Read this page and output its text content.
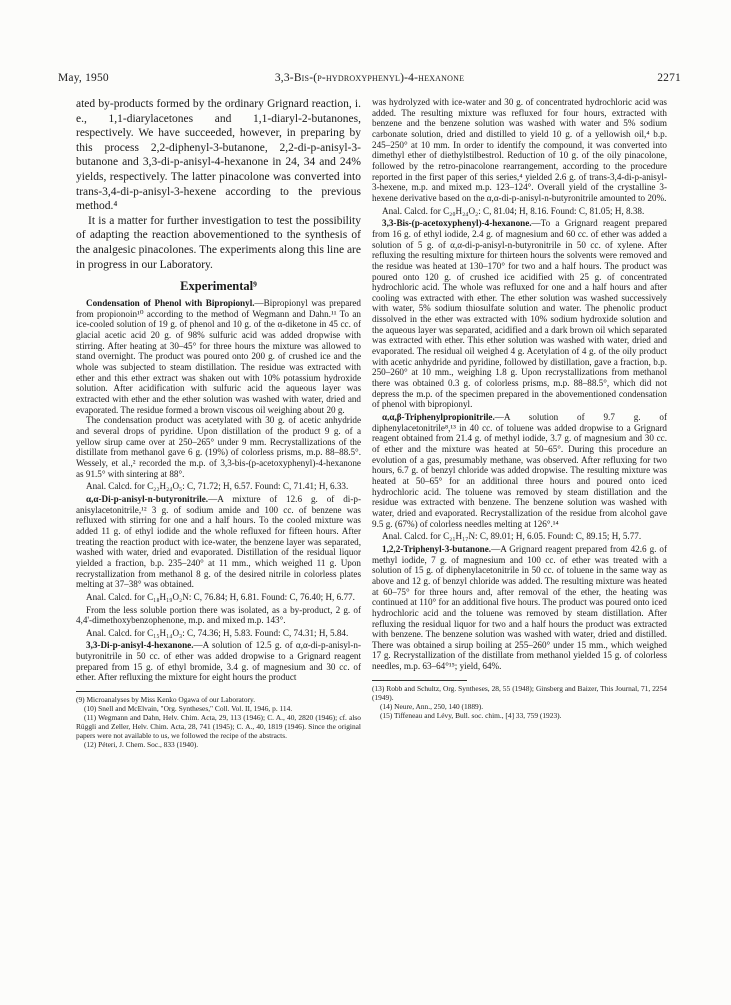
May, 1950	3,3-Bis-(p-hydroxyphenyl)-4-hexanone	2271

ated by-products formed by the ordinary Grignard reaction, i. e., 1,1-diarylacetones and 1,1-diaryl-2-butanones, respectively. We have succeeded, however, in preparing by this process 2,2-diphenyl-3-butanone, 2,2-di-p-anisyl-3-butanone and 3,3-di-p-anisyl-4-hexanone in 24, 34 and 24% yields, respectively. The latter pinacolone was converted into trans-3,4-di-p-anisyl-3-hexene according to the previous method.⁴

It is a matter for further investigation to test the possibility of adapting the reaction abovementioned to the synthesis of the analgesic pinacolones. The experiments along this line are in progress in our Laboratory.

Experimental⁹

Condensation of Phenol with Bipropionyl.—Bipropionyl was prepared from propionoin¹⁰ according to the method of Wegmann and Dahn.¹¹ To an ice-cooled solution of 19 g. of phenol and 10 g. of the α-diketone in 45 cc. of glacial acetic acid 20 g. of 98% sulfuric acid was added dropwise with stirring. After heating at 30–45° for three hours the mixture was allowed to stand overnight. The product was poured onto 200 g. of crushed ice and the whole was subjected to steam distillation. The residue was extracted with ether and this ether extract was shaken out with 10% potassium hydroxide solution. After acidification with sulfuric acid the aqueous layer was extracted with ether and the ether solution was washed with water, dried and evaporated. The residue formed a brown viscous oil weighing about 20 g.

The condensation product was acetylated with 30 g. of acetic anhydride and several drops of pyridine. Upon distillation of the product 9 g. of a yellow sirup came over at 250–265° under 9 mm. Recrystallizations of the distillate from methanol gave 6 g. (19%) of colorless prisms, m.p. 88–88.5°. Wessely, et al.,² recorded the m.p. of 3,3-bis-(p-acetoxyphenyl)-4-hexanone as 91.5° with sintering at 88°.

Anal. Calcd. for C₂₂H₂₄O₅: C, 71.72; H, 6.57. Found: C, 71.41; H, 6.33.

α,α-Di-p-anisyl-n-butyronitrile.—A mixture of 12.6 g. of di-p-anisylacetonitrile,¹² 3 g. of sodium amide and 100 cc. of benzene was refluxed with stirring for one and a half hours. To the cooled mixture was added 11 g. of ethyl iodide and the whole refluxed for fifteen hours. After treating the reaction product with ice-water, the benzene layer was separated, washed with water, dried and evaporated. Distillation of the residual liquor yielded a fraction, b.p. 235–240° at 11 mm., which weighed 11 g. Upon recrystallization from methanol 8 g. of the desired nitrile in colorless plates melting at 37–38° was obtained.

Anal. Calcd. for C₁₈H₁₉O₂N: C, 76.84; H, 6.81. Found: C, 76.40; H, 6.77.

From the less soluble portion there was isolated, as a by-product, 2 g. of 4,4'-dimethoxybenzophenone, m.p. and mixed m.p. 143°.

Anal. Calcd. for C₁₅H₁₄O₃: C, 74.36; H, 5.83. Found: C, 74.31; H, 5.84.

3,3-Di-p-anisyl-4-hexanone.—A solution of 12.5 g. of α,α-di-p-anisyl-n-butyronitrile in 50 cc. of ether was added dropwise to a Grignard reagent prepared from 15 g. of ethyl bromide, 3.4 g. of magnesium and 30 cc. of ether. After refluxing the mixture for eight hours the product

(9) Microanalyses by Miss Kenko Ogawa of our Laboratory.

(10) Snell and McElvain, "Org. Syntheses," Coll. Vol. II, 1946, p. 114.

(11) Wegmann and Dahn, Helv. Chim. Acta, 29, 113 (1946); C. A., 40, 2820 (1946); cf. also Rüggli and Zeller, Helv. Chim. Acta, 28, 741 (1945); C. A., 40, 1819 (1946). Since the original papers were not available to us, we followed the recipe of the abstracts.

(12) Péteri, J. Chem. Soc., 833 (1940).

was hydrolyzed with ice-water and 30 g. of concentrated hydrochloric acid was added. The resulting mixture was refluxed for four hours, extracted with benzene and the benzene solution was washed with water and 5% sodium carbonate solution, dried and distilled to yield 10 g. of a yellowish oil,⁴ b.p. 245–250° at 10 mm. In order to identify the compound, it was converted into dimethyl ether of diethylstilbestrol. Reduction of 10 g. of the oily pinacolone, followed by the retro-pinacolone rearrangement, according to the procedure reported in the first paper of this series,⁴ yielded 2.6 g. of trans-3,4-di-p-anisyl-3-hexene, m.p. and mixed m.p. 123–124°. Overall yield of the crystalline 3-hexene derivative based on the α,α-di-p-anisyl-n-butyronitrile amounted to 20%.

Anal. Calcd. for C₂₀H₂₄O₂: C, 81.04; H, 8.16. Found: C, 81.05; H, 8.38.

3,3-Bis-(p-acetoxyphenyl)-4-hexanone.—To a Grignard reagent prepared from 16 g. of ethyl iodide, 2.4 g. of magnesium and 60 cc. of ether was added a solution of 5 g. of α,α-di-p-anisyl-n-butyronitrile in 50 cc. of xylene. After refluxing the resulting mixture for thirteen hours the solvents were removed and the residue was heated at 130–170° for two and a half hours. The product was poured onto 120 g. of crushed ice acidified with 25 g. of concentrated hydrochloric acid. The whole was refluxed for one and a half hours and after cooling was extracted with ether. The ether solution was washed successively with water, 5% sodium thiosulfate solution and water. The phenolic product dissolved in the ether was extracted with 10% sodium hydroxide solution and the aqueous layer was separated, acidified and a dark brown oil which separated was extracted with ether. This ether solution was washed with water, dried and evaporated. The residual oil weighed 4 g. Acetylation of 4 g. of the oily product with acetic anhydride and pyridine, followed by distillation, gave a fraction, b.p. 250–260° at 10 mm., weighing 1.8 g. Upon recrystallizations from methanol there was obtained 0.3 g. of colorless prisms, m.p. 88–88.5°, which did not depress the m.p. of the specimen prepared in the abovementioned condensation of phenol with bipropionyl.

α,α,β-Triphenylpropionitrile.—A solution of 9.7 g. of diphenylacetonitrile⁸,¹³ in 40 cc. of toluene was added dropwise to a Grignard reagent obtained from 21.4 g. of methyl iodide, 3.7 g. of magnesium and 30 cc. of ether and the mixture was heated at 50–65°. During this procedure an evolution of a gas, presumably methane, was observed. After refluxing for two hours, 6.7 g. of benzyl chloride was added dropwise. The resulting mixture was heated at 50–65° for an additional three hours and poured onto iced hydrochloric acid. The toluene was removed by steam distillation and the residue was extracted with benzene. The benzene solution was washed with water, dried and evaporated. Recrystallization of the residue from alcohol gave 9.5 g. (67%) of colorless needles melting at 126°.¹⁴

Anal. Calcd. for C₂₁H₁₇N: C, 89.01; H, 6.05. Found: C, 89.15; H, 5.77.

1,2,2-Triphenyl-3-butanone.—A Grignard reagent prepared from 42.6 g. of methyl iodide, 7 g. of magnesium and 100 cc. of ether was treated with a solution of 15 g. of diphenylacetonitrile in 50 cc. of toluene in the same way as above and 12 g. of benzyl chloride was added. The resulting mixture was heated at 60–75° for three hours and, after removal of the ether, the heating was continued at 110° for an additional five hours. The product was poured onto iced hydrochloric acid and the toluene was removed by steam distillation. After refluxing the residual liquor for two and a half hours the product was extracted with benzene. The benzene solution was washed with water, dried and distilled. There was obtained a sirup boiling at 255–260° under 15 mm., which weighed 17 g. Recrystallization of the distillate from methanol yielded 15 g. of colorless needles, m.p. 63–64°¹⁵; yield, 64%.

(13) Robb and Schultz, Org. Syntheses, 28, 55 (1948); Ginsberg and Baizer, This Journal, 71, 2254 (1949).

(14) Neure, Ann., 250, 140 (1889).

(15) Tiffeneau and Lévy, Bull. soc. chim., [4] 33, 759 (1923).
